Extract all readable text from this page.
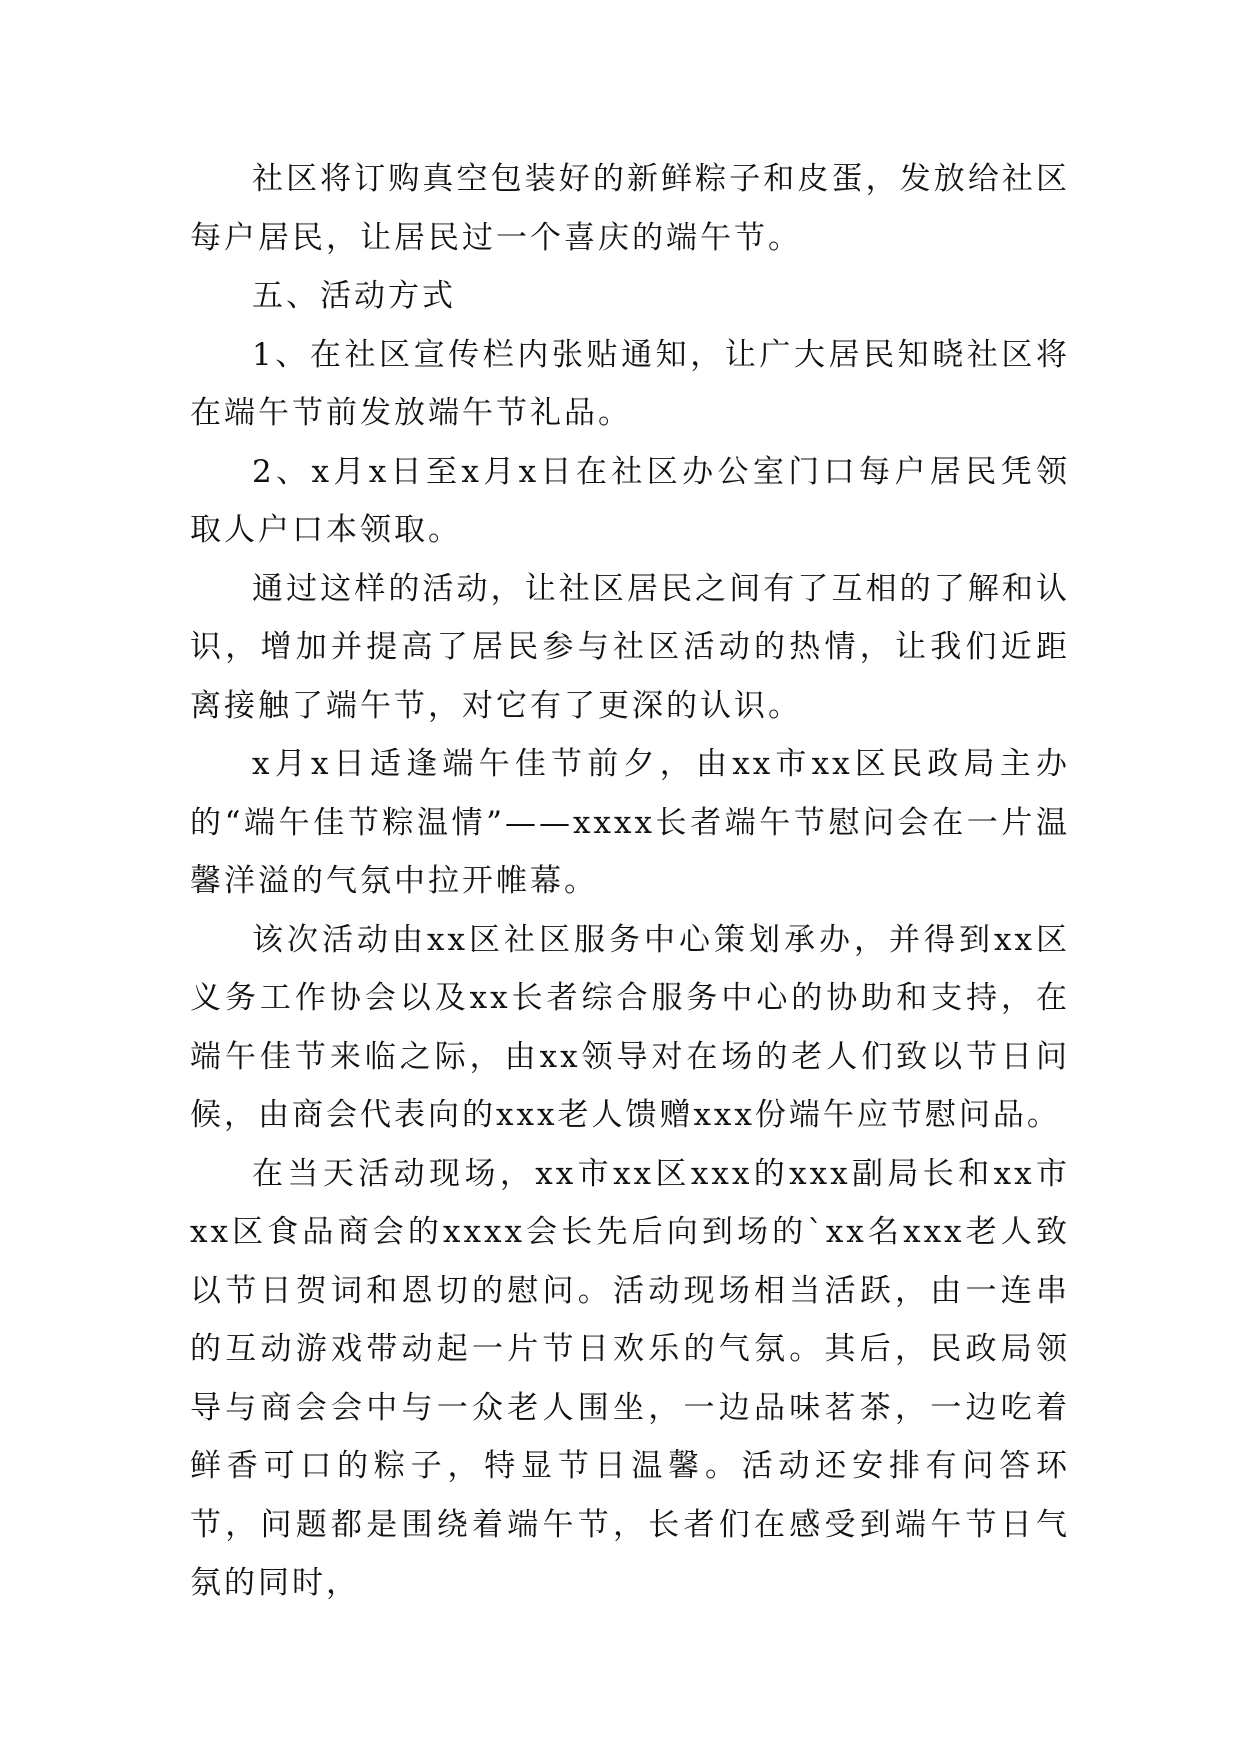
社区将订购真空包装好的新鲜粽子和皮蛋，发放给社区每户居民，让居民过一个喜庆的端午节。

五、活动方式

1、在社区宣传栏内张贴通知，让广大居民知晓社区将在端午节前发放端午节礼品。

2、x月x日至x月x日在社区办公室门口每户居民凭领取人户口本领取。

通过这样的活动，让社区居民之间有了互相的了解和认识，增加并提高了居民参与社区活动的热情，让我们近距离接触了端午节，对它有了更深的认识。

x月x日适逢端午佳节前夕，由xx市xx区民政局主办的“端午佳节粽温情”——xxxx长者端午节慰问会在一片温馨洋溢的气氛中拉开帷幕。

该次活动由xx区社区服务中心策划承办，并得到xx区义务工作协会以及xx长者综合服务中心的协助和支持，在端午佳节来临之际，由xx领导对在场的老人们致以节日问候，由商会代表向的xxx老人馈赠xxx份端午应节慰问品。

在当天活动现场，xx市xx区xxx的xxx副局长和xx市xx区食品商会的xxxx会长先后向到场的`xx名xxx老人致以节日贺词和恩切的慰问。活动现场相当活跃，由一连串的互动游戏带动起一片节日欢乐的气氛。其后，民政局领导与商会会中与一众老人围坐，一边品味茗茶，一边吃着鲜香可口的粽子，特显节日温馨。活动还安排有问答环节，问题都是围绕着端午节，长者们在感受到端午节日气氛的同时，
